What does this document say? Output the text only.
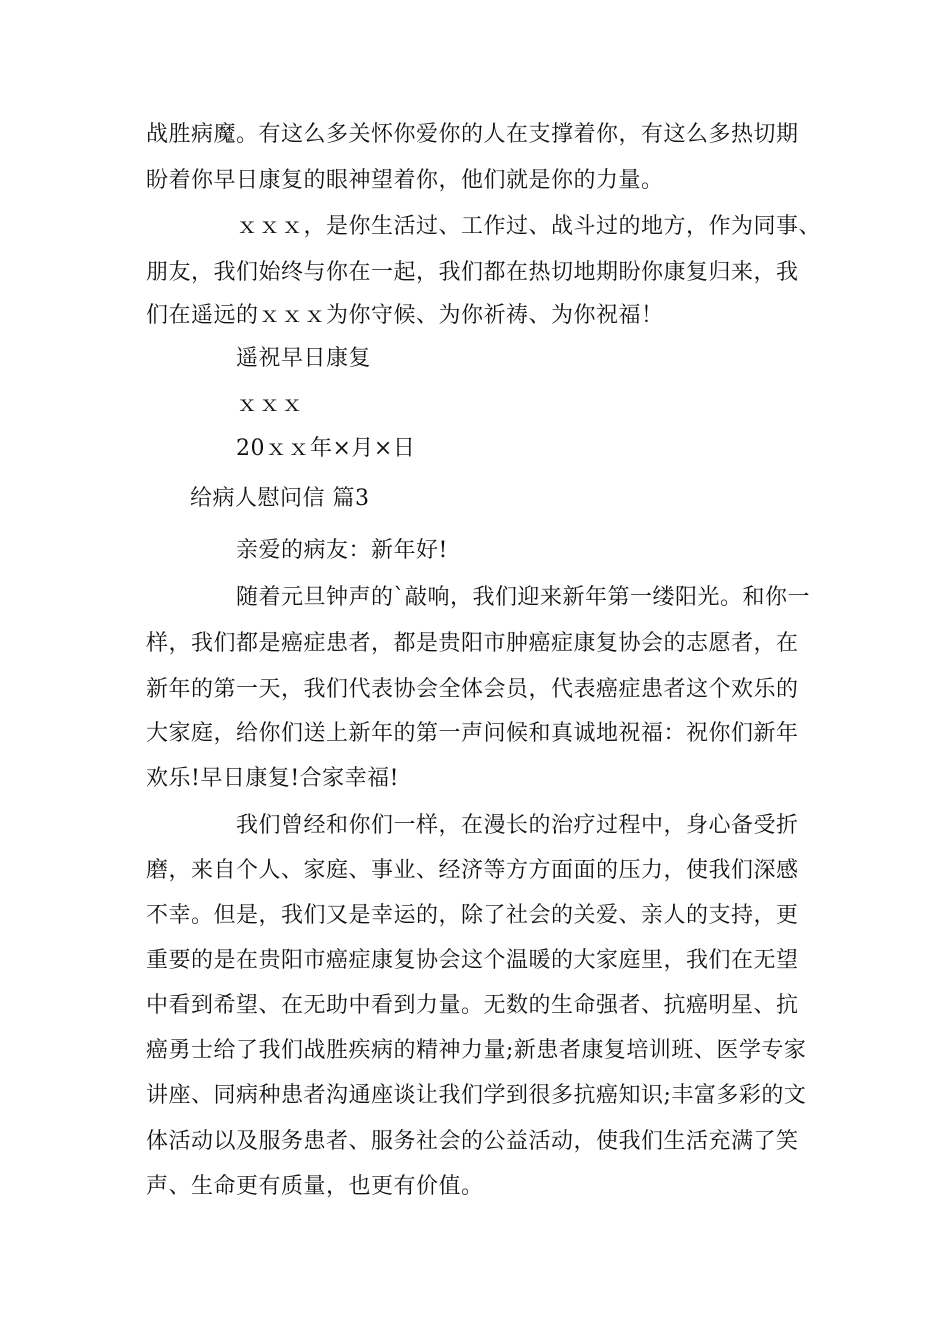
战胜病魔。有这么多关怀你爱你的人在支撑着你，有这么多热切期

盼着你早日康复的眼神望着你，他们就是你的力量。

ｘｘｘ，是你生活过、工作过、战斗过的地方，作为同事、

朋友，我们始终与你在一起，我们都在热切地期盼你康复归来，我

们在遥远的ｘｘｘ为你守候、为你祈祷、为你祝福！

遥祝早日康复

ｘｘｘ

20ｘｘ年×月×日

给病人慰问信 篇3

亲爱的病友：新年好!

随着元旦钟声的`敲响，我们迎来新年第一缕阳光。和你一

样，我们都是癌症患者，都是贵阳市肿癌症康复协会的志愿者，在

新年的第一天，我们代表协会全体会员，代表癌症患者这个欢乐的

大家庭，给你们送上新年的第一声问候和真诚地祝福：祝你们新年

欢乐!早日康复!合家幸福!

我们曾经和你们一样，在漫长的治疗过程中，身心备受折

磨，来自个人、家庭、事业、经济等方方面面的压力，使我们深感

不幸。但是，我们又是幸运的，除了社会的关爱、亲人的支持，更

重要的是在贵阳市癌症康复协会这个温暖的大家庭里，我们在无望

中看到希望、在无助中看到力量。无数的生命强者、抗癌明星、抗

癌勇士给了我们战胜疾病的精神力量;新患者康复培训班、医学专家

讲座、同病种患者沟通座谈让我们学到很多抗癌知识;丰富多彩的文

体活动以及服务患者、服务社会的公益活动，使我们生活充满了笑

声、生命更有质量，也更有价值。
